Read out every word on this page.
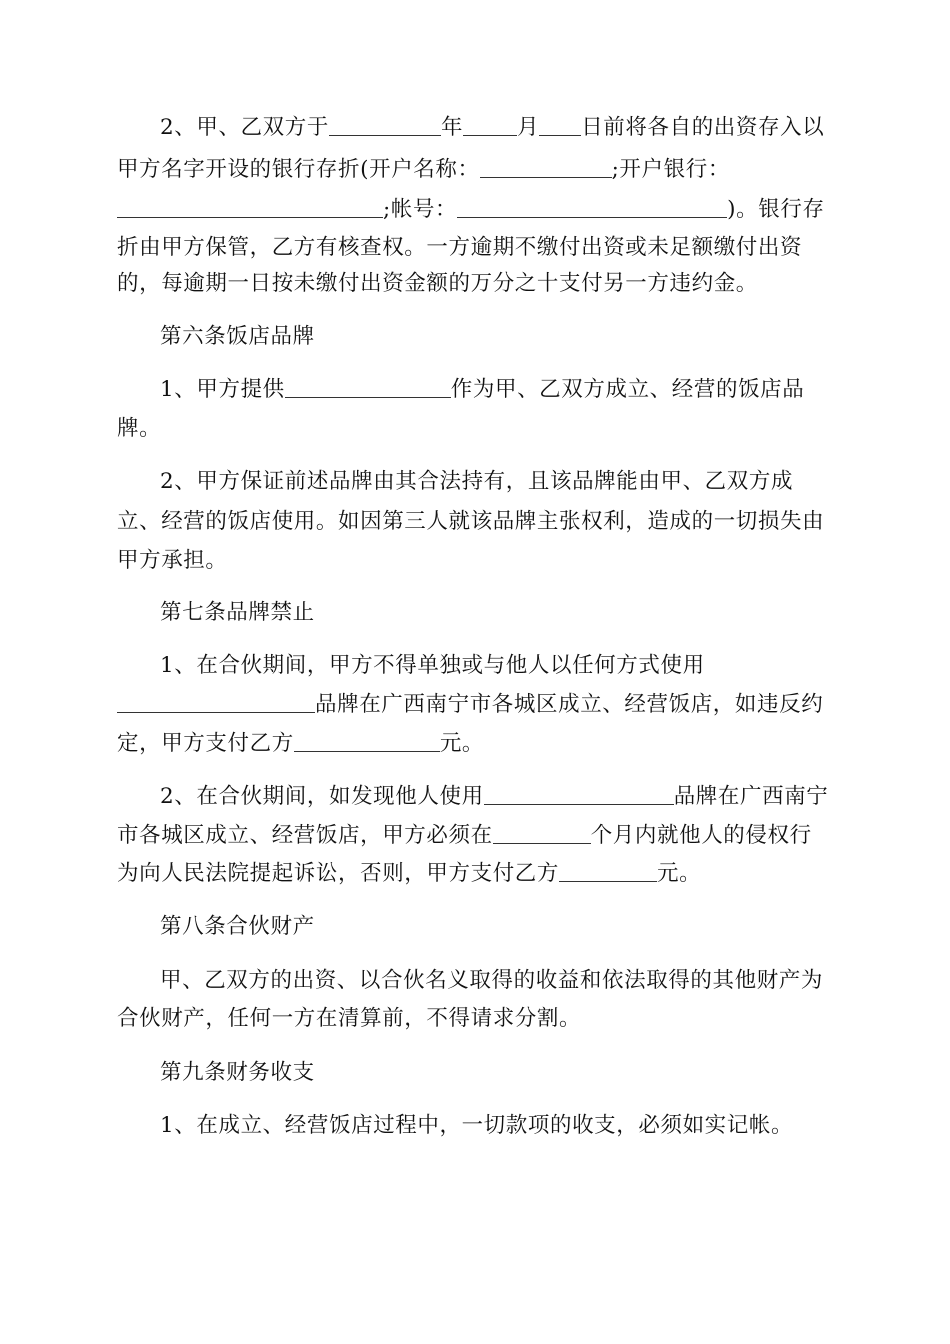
2、甲、乙双方于	年	月 日前将各自的出资存入以
甲方名字开设的银行存折(开户名称：	;开户银行：
;帐号：	)。银行存
折由甲方保管，乙方有核查权。一方逾期不缴付出资或未足额缴付出资
的，每逾期一日按未缴付出资金额的万分之十支付另一方违约金。
第六条饭店品牌
1、甲方提供	作为甲、乙双方成立、经营的饭店品
牌。
2、甲方保证前述品牌由其合法持有，且该品牌能由甲、乙双方成
立、经营的饭店使用。如因第三人就该品牌主张权利，造成的一切损失由
甲方承担。
第七条品牌禁止
1、在合伙期间，甲方不得单独或与他人以任何方式使用
品牌在广西南宁市各城区成立、经营饭店，如违反约
定，甲方支付乙方	元。
2、在合伙期间，如发现他人使用	品牌在广西南宁
市各城区成立、经营饭店，甲方必须在	个月内就他人的侵权行
为向人民法院提起诉讼，否则，甲方支付乙方	元。
第八条合伙财产
甲、乙双方的出资、以合伙名义取得的收益和依法取得的其他财产为
合伙财产，任何一方在清算前，不得请求分割。
第九条财务收支
1、在成立、经营饭店过程中，一切款项的收支，必须如实记帐。
